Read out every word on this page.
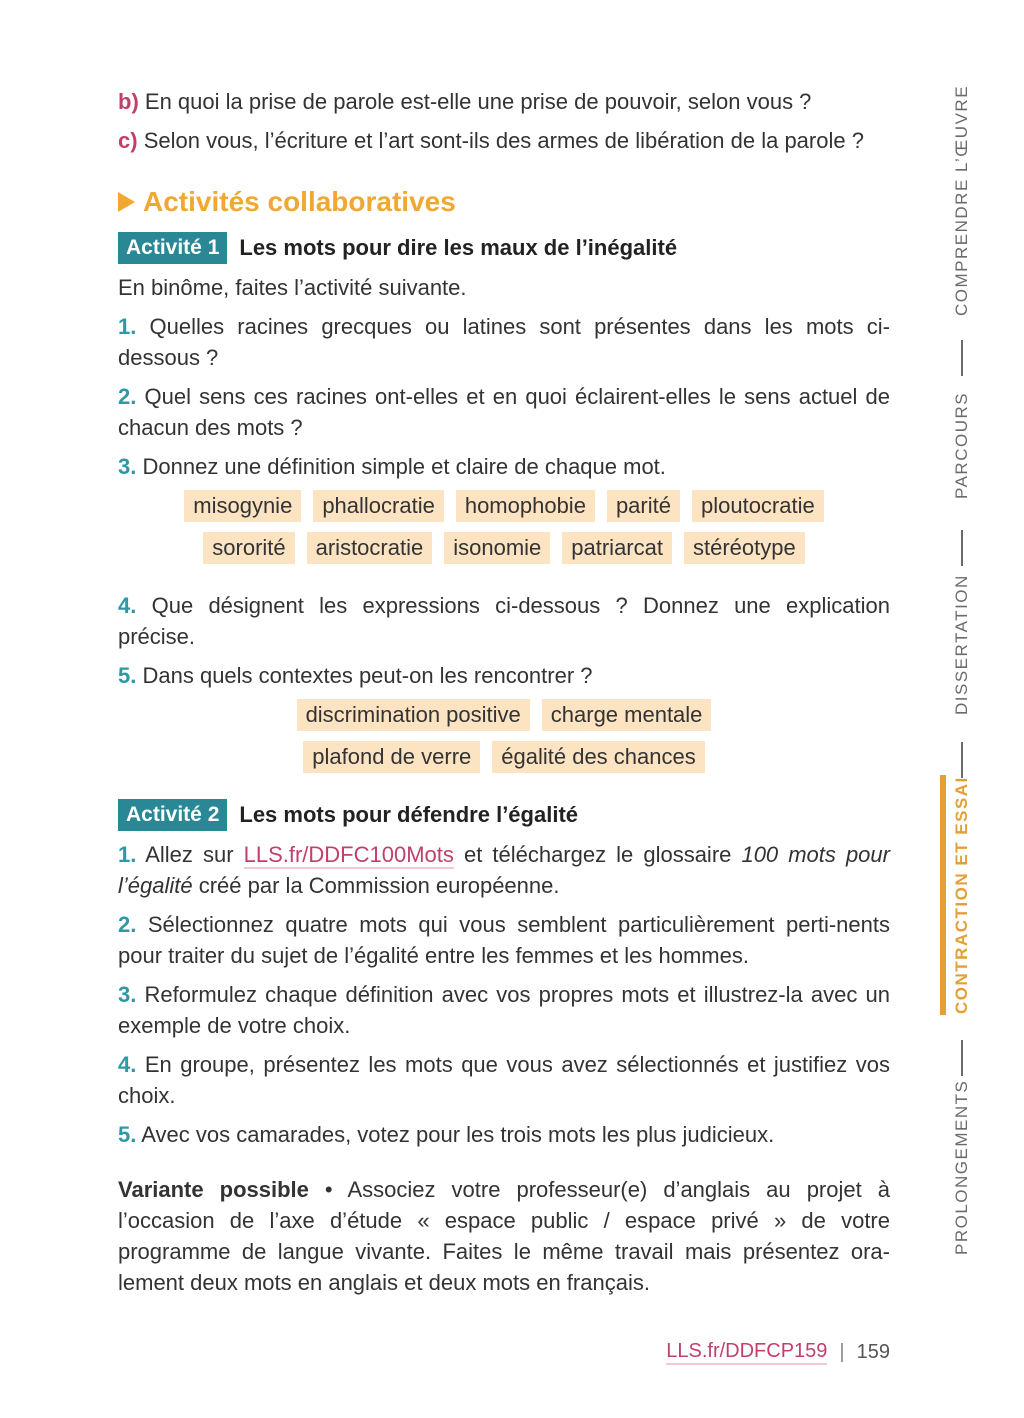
b) En quoi la prise de parole est-elle une prise de pouvoir, selon vous ?

c) Selon vous, l’écriture et l’art sont-ils des armes de libération de la parole ?

Activités collaboratives
Activité 1 Les mots pour dire les maux de l’inégalité

En binôme, faites l’activité suivante.

1. Quelles racines grecques ou latines sont présentes dans les mots ci-dessous ?

2. Quel sens ces racines ont-elles et en quoi éclairent-elles le sens actuel de chacun des mots ?

3. Donnez une définition simple et claire de chaque mot.

misogynie	phallocratie	homophobie	parité	ploutocratie
sororité	aristocratie	isonomie	patriarcat	stéréotype

4. Que désignent les expressions ci-dessous ? Donnez une explication précise.

5. Dans quels contextes peut-on les rencontrer ?

discrimination positive	charge mentale
plafond de verre	égalité des chances
Activité 2 Les mots pour défendre l’égalité

1. Allez sur LLS.fr/DDFC100Mots et téléchargez le glossaire 100 mots pour l’égalité créé par la Commission européenne.

2. Sélectionnez quatre mots qui vous semblent particulièrement perti-nents pour traiter du sujet de l’égalité entre les femmes et les hommes.

3. Reformulez chaque définition avec vos propres mots et illustrez-la avec un exemple de votre choix.

4. En groupe, présentez les mots que vous avez sélectionnés et justifiez vos choix.

5. Avec vos camarades, votez pour les trois mots les plus judicieux.

Variante possible • Associez votre professeur(e) d’anglais au projet à l’occasion de l’axe d’étude « espace public / espace privé » de votre programme de langue vivante. Faites le même travail mais présentez ora-lement deux mots en anglais et deux mots en français.

COMPRENDRE L’ŒUVRE
PARCOURS
DISSERTATION
CONTRACTION ET ESSAI
PROLONGEMENTS
LLS.fr/DDFCP159 | 159
